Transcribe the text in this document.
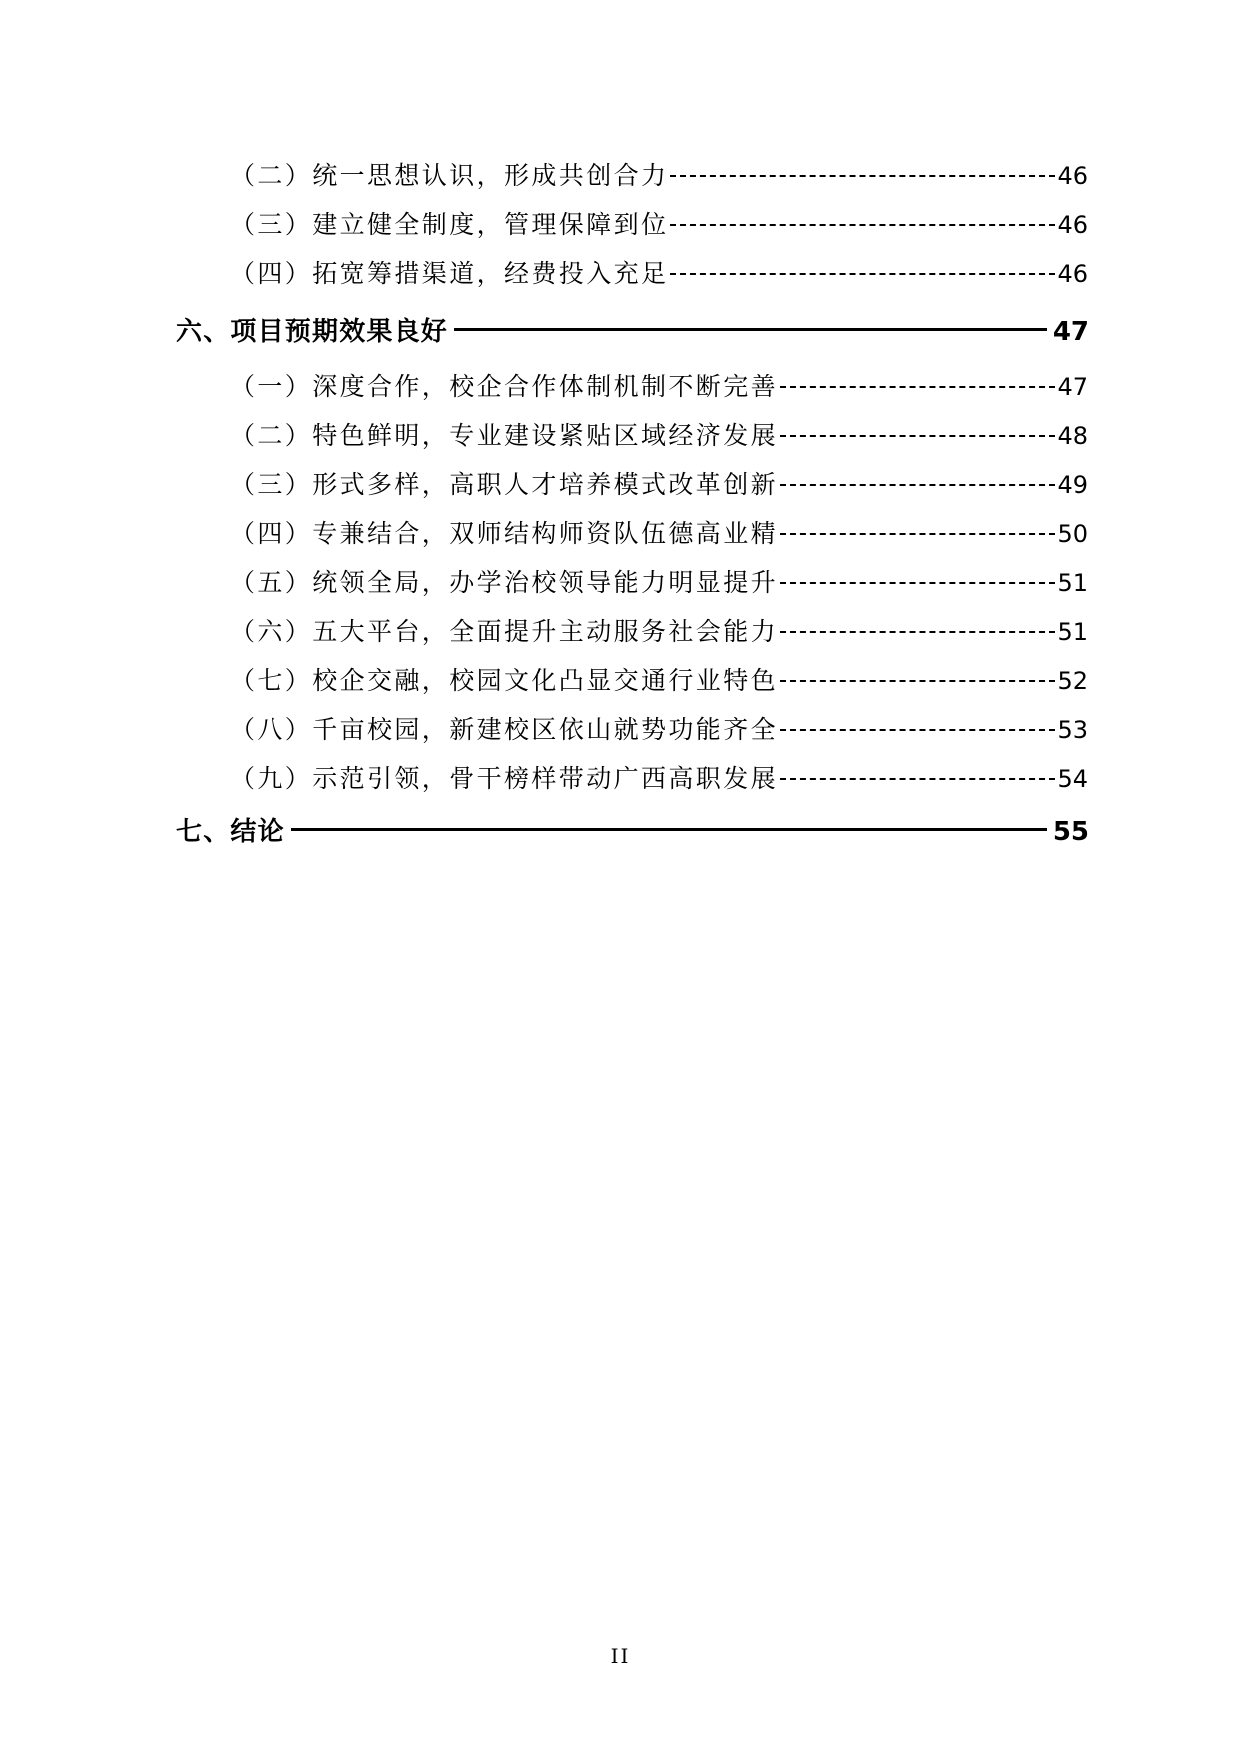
（二）统一思想认识，形成共创合力	46
（三）建立健全制度，管理保障到位	46
（四）拓宽筹措渠道，经费投入充足	46
六、项目预期效果良好	47
（一）深度合作，校企合作体制机制不断完善	47
（二）特色鲜明，专业建设紧贴区域经济发展	48
（三）形式多样，高职人才培养模式改革创新	49
（四）专兼结合，双师结构师资队伍德高业精	50
（五）统领全局，办学治校领导能力明显提升	51
（六）五大平台，全面提升主动服务社会能力	51
（七）校企交融，校园文化凸显交通行业特色	52
（八）千亩校园，新建校区依山就势功能齐全	53
（九）示范引领，骨干榜样带动广西高职发展	54
七、结论	55
II
